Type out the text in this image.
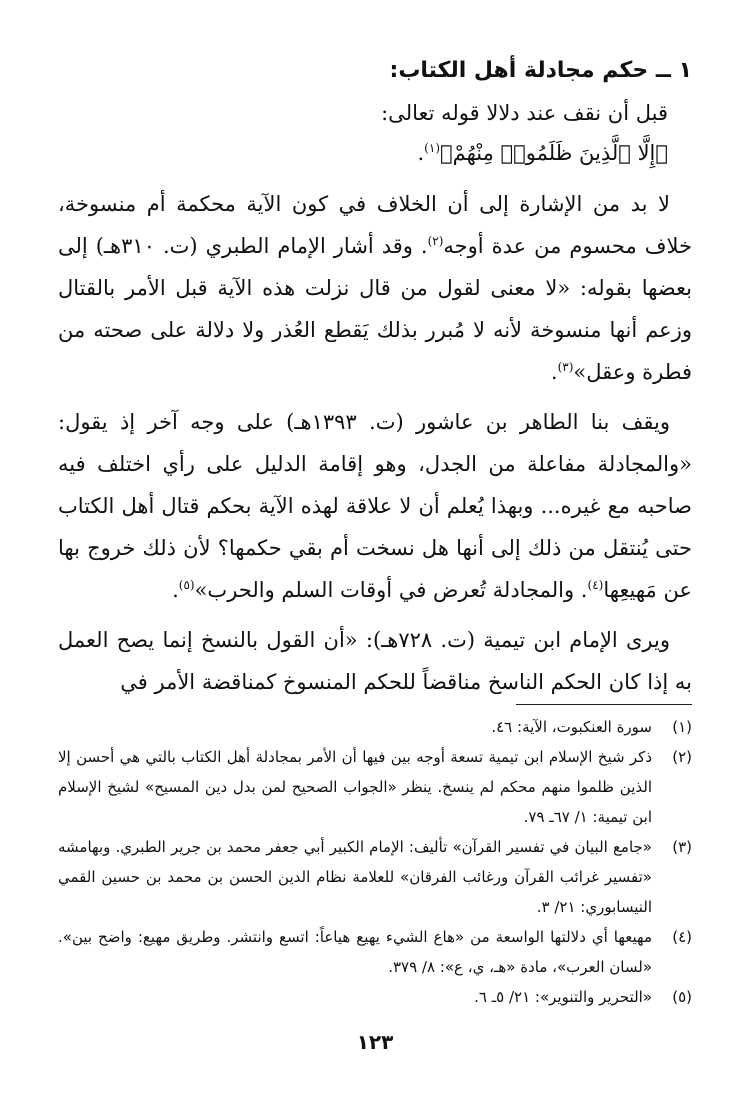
١ ــ حكم مجادلة أهل الكتاب:

قبل أن نقف عند دلالا قوله تعالى:

﴿إِلَّا ٱلَّذِينَ ظَلَمُوا۟ مِنْهُمْ﴾$^{(١)}$.

لا بد من الإشارة إلى أن الخلاف في كون الآية محكمة أم منسوخة، خلاف محسوم من عدة أوجه$^{(٢)}$. وقد أشار الإمام الطبري (ت. ٣١٠هـ) إلى بعضها بقوله: «لا معنى لقول من قال نزلت هذه الآية قبل الأمر بالقتال وزعم أنها منسوخة لأنه لا مُبرر بذلك يَقطع العُذر ولا دلالة على صحته من فطرة وعقل»$^{(٣)}$.

ويقف بنا الطاهر بن عاشور (ت. ١٣٩٣هـ) على وجه آخر إذ يقول: «والمجادلة مفاعلة من الجدل، وهو إقامة الدليل على رأي اختلف فيه صاحبه مع غيره... وبهذا يُعلم أن لا علاقة لهذه الآية بحكم قتال أهل الكتاب حتى يُنتقل من ذلك إلى أنها هل نسخت أم بقي حكمها؟ لأن ذلك خروج بها عن مَهيعِها$^{(٤)}$. والمجادلة تُعرض في أوقات السلم والحرب»$^{(٥)}$.

ويرى الإمام ابن تيمية (ت. ٧٢٨هـ): «أن القول بالنسخ إنما يصح العمل به إذا كان الحكم الناسخ مناقضاً للحكم المنسوخ كمناقضة الأمر في

(١)
سورة العنكبوت، الآية: ٤٦.
(٢)
ذكر شيخ الإسلام ابن تيمية تسعة أوجه بين فيها أن الأمر بمجادلة أهل الكتاب بالتي هي أحسن إلا الذين ظلموا منهم محكم لم ينسخ. ينظر «الجواب الصحيح لمن بدل دين المسيح» لشيخ الإسلام ابن تيمية: ١/ ٦٧ـ ٧٩.
(٣)
«جامع البيان في تفسير القرآن» تأليف: الإمام الكبير أبي جعفر محمد بن جرير الطبري. وبهامشه «تفسير غرائب القرآن ورغائب الفرقان» للعلامة نظام الدين الحسن بن محمد بن حسين القمي النيسابوري: ٢١/ ٣.
(٤)
مهيعها أي دلالتها الواسعة من «هاع الشيء يهيع هياعاً: اتسع وانتشر. وطريق مهيع: واضح بين». «لسان العرب»، مادة «هـ، ي، ع»: ٨/ ٣٧٩.
(٥)
«التحرير والتنوير»: ٢١/ ٥ـ ٦.
١٢٣
